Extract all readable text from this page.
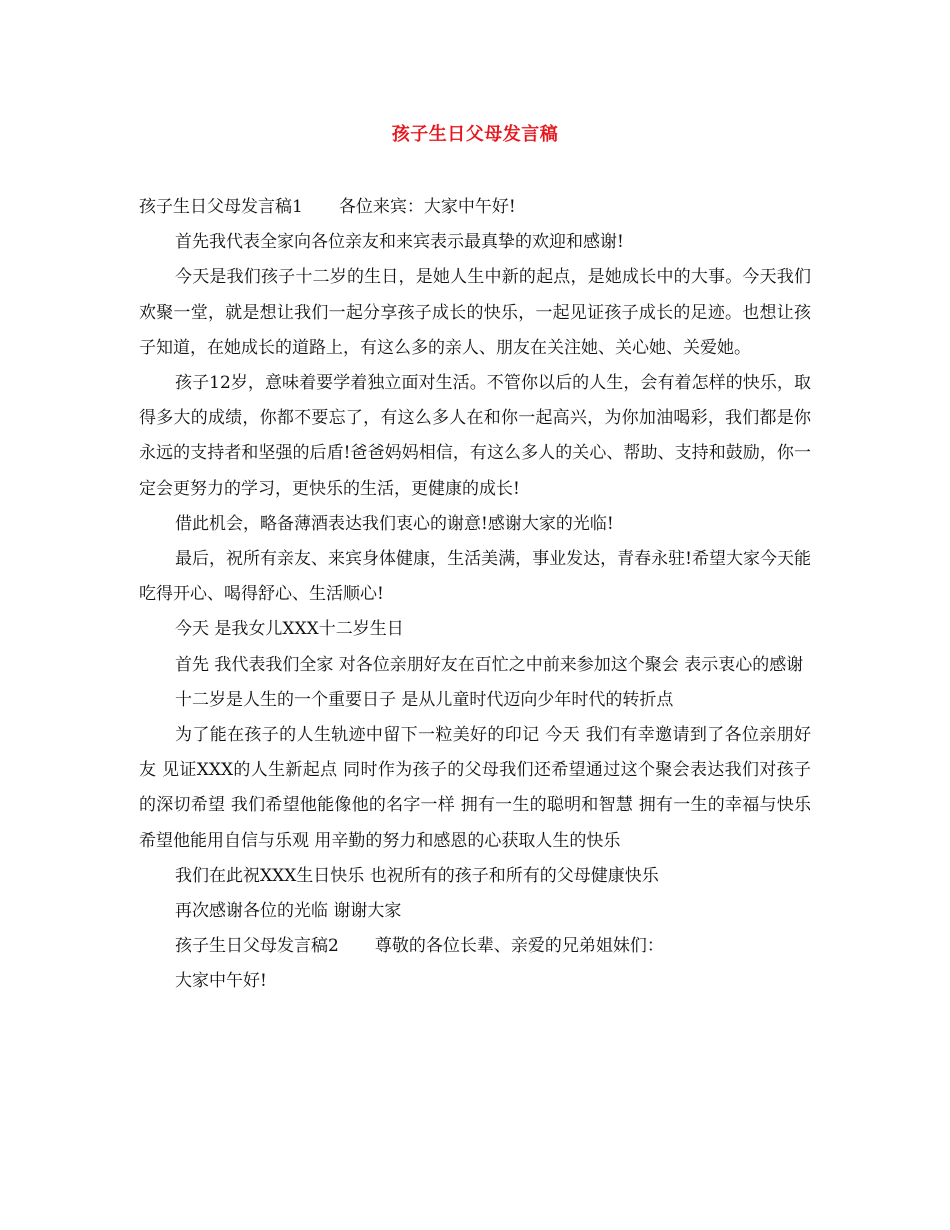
孩子生日父母发言稿

孩子生日父母发言稿1 各位来宾：大家中午好!

首先我代表全家向各位亲友和来宾表示最真挚的欢迎和感谢!

今天是我们孩子十二岁的生日，是她人生中新的起点，是她成长中的大事。今天我们欢聚一堂，就是想让我们一起分享孩子成长的快乐，一起见证孩子成长的足迹。也想让孩子知道，在她成长的道路上，有这么多的亲人、朋友在关注她、关心她、关爱她。

孩子12岁，意味着要学着独立面对生活。不管你以后的人生，会有着怎样的快乐，取得多大的成绩，你都不要忘了，有这么多人在和你一起高兴，为你加油喝彩，我们都是你永远的支持者和坚强的后盾!爸爸妈妈相信，有这么多人的关心、帮助、支持和鼓励，你一定会更努力的学习，更快乐的生活，更健康的成长!

借此机会，略备薄酒表达我们衷心的谢意!感谢大家的光临!

最后，祝所有亲友、来宾身体健康，生活美满，事业发达，青春永驻!希望大家今天能吃得开心、喝得舒心、生活顺心!

今天 是我女儿XXX十二岁生日

首先 我代表我们全家 对各位亲朋好友在百忙之中前来参加这个聚会 表示衷心的感谢

十二岁是人生的一个重要日子 是从儿童时代迈向少年时代的转折点

为了能在孩子的人生轨迹中留下一粒美好的印记 今天 我们有幸邀请到了各位亲朋好友 见证XXX的人生新起点 同时作为孩子的父母我们还希望通过这个聚会表达我们对孩子的深切希望 我们希望他能像他的名字一样 拥有一生的聪明和智慧 拥有一生的幸福与快乐希望他能用自信与乐观 用辛勤的努力和感恩的心获取人生的快乐

我们在此祝XXX生日快乐 也祝所有的孩子和所有的父母健康快乐

再次感谢各位的光临 谢谢大家

孩子生日父母发言稿2 尊敬的各位长辈、亲爱的兄弟姐妹们：

大家中午好!
